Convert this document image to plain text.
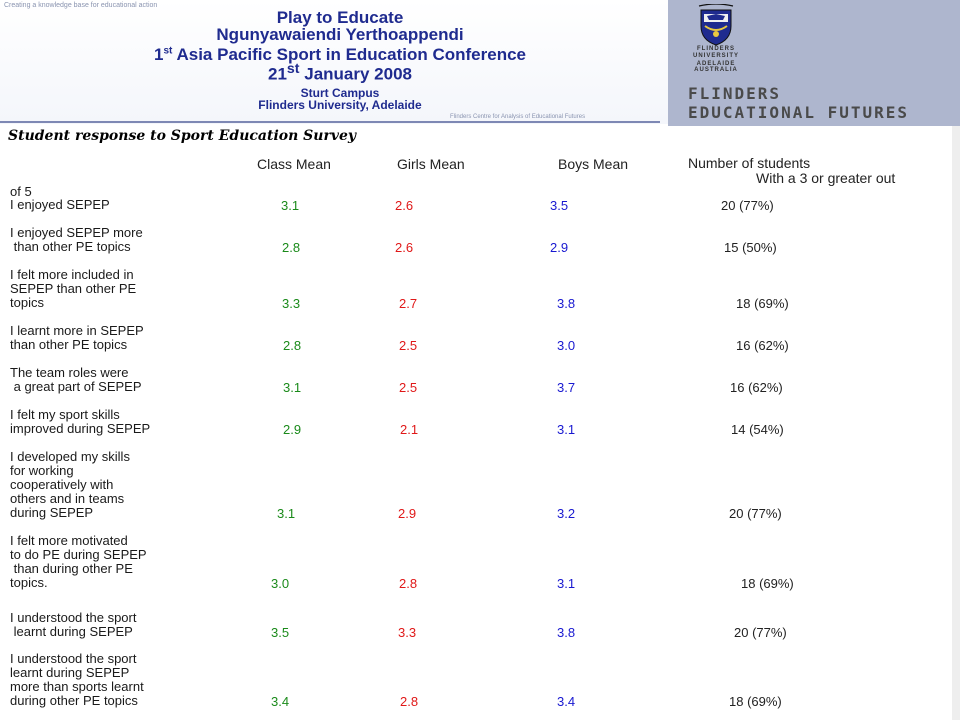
Creating a knowledge base for educational action
Play to Educate
Ngunyawaiendi Yerthoappendi
1st Asia Pacific Sport in Education Conference
21st January 2008
Sturt Campus
Flinders University, Adelaide
Flinders Centre for Analysis of Educational Futures
FLINDERS
UNIVERSITY
ADELAIDE
AUSTRALIA
FLINDERS
EDUCATIONAL FUTURES
Student response to Sport Education Survey
Class Mean	Girls Mean	Boys Mean	Number of students
With a 3 or greater out
of 5
I enjoyed SEPEP	3.1	2.6	3.5	20 (77%)
I enjoyed SEPEP more
than other PE topics	2.8	2.6	2.9	15 (50%)
I felt more included in
SEPEP than other PE
topics	3.3	2.7	3.8	18 (69%)
I learnt more in SEPEP
than other PE topics	2.8	2.5	3.0	16 (62%)
The team roles were
a great part of SEPEP	3.1	2.5	3.7	16 (62%)
I felt my sport skills
improved during SEPEP	2.9	2.1	3.1	14 (54%)
I developed my skills
for working
cooperatively with
others and in teams
during SEPEP	3.1	2.9	3.2	20 (77%)
I felt more motivated
to do PE during SEPEP
than during other PE
topics.	3.0	2.8	3.1	18 (69%)
I understood the sport
learnt during SEPEP	3.5	3.3	3.8	20 (77%)
I understood the sport
learnt during SEPEP
more than sports learnt
during other PE topics	3.4	2.8	3.4	18 (69%)
